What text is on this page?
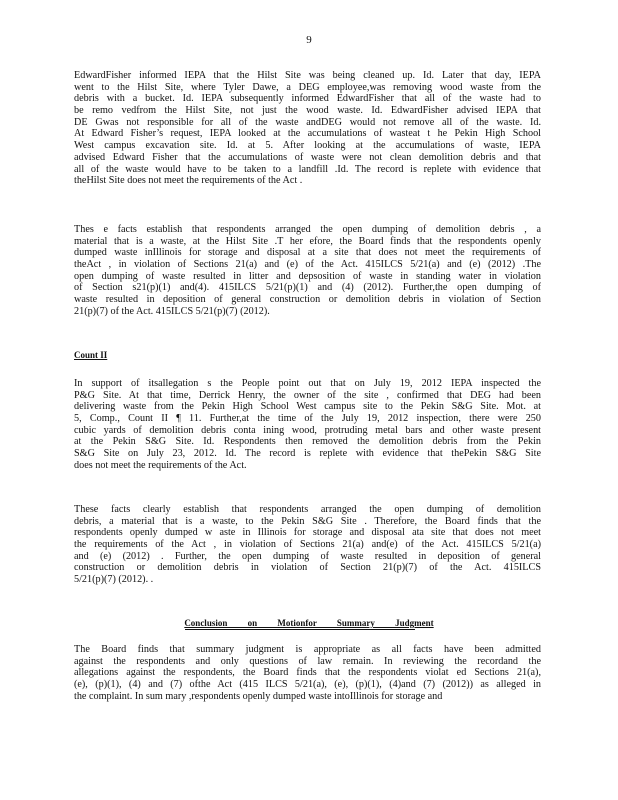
9
EdwardFisher informed IEPA that the Hilst Site was being cleaned up. Id. Later that day, IEPA
went to the Hilst Site, where Tyler Dawe, a DEG employee,was removing wood waste from the
debris with a bucket. Id. IEPA subsequently informed EdwardFisher that all of the waste had to
be remo vedfrom the Hilst Site, not just the wood waste. Id. EdwardFisher advised IEPA that
DE Gwas not responsible for all of the waste andDEG would not remove all of the waste. Id.
At Edward Fisher’s request, IEPA looked at the accumulations of wasteat t he Pekin High School
West campus excavation site. Id. at 5. After looking at the accumulations of waste, IEPA
advised Edward Fisher that the accumulations of waste were not clean demolition debris and that
all of the waste would have to be taken to a landfill .Id. The record is replete with evidence that
theHilst Site does not meet the requirements of the Act .
Thes e facts establish that respondents arranged the open dumping of demolition debris , a
material that is a waste, at the Hilst Site .T her efore, the Board finds that the respondents openly
dumped waste inIllinois for storage and disposal at a site that does not meet the requirements of
theAct , in violation of Sections 21(a) and (e) of the Act. 415ILCS 5/21(a) and (e) (2012) .The
open dumping of waste resulted in litter and depsosition of waste in standing water in violation
of Section s21(p)(1) and(4). 415ILCS 5/21(p)(1) and (4) (2012). Further,the open dumping of
waste resulted in deposition of general construction or demolition debris in violation of Section
21(p)(7) of the Act. 415ILCS 5/21(p)(7) (2012).
Count II
In support of itsallegation s the People point out that on July 19, 2012 IEPA inspected the
P&G Site. At that time, Derrick Henry, the owner of the site , confirmed that DEG had been
delivering waste from the Pekin High School West campus site to the Pekin S&G Site. Mot. at
5, Comp., Count II ¶ 11. Further,at the time of the July 19, 2012 inspection, there were 250
cubic yards of demolition debris conta ining wood, protruding metal bars and other waste present
at the Pekin S&G Site. Id. Respondents then removed the demolition debris from the Pekin
S&G Site on July 23, 2012. Id. The record is replete with evidence that thePekin S&G Site
does not meet the requirements of the Act.
These facts clearly establish that respondents arranged the open dumping of demolition
debris, a material that is a waste, to the Pekin S&G Site . Therefore, the Board finds that the
respondents openly dumped w aste in Illinois for storage and disposal ata site that does not meet
the requirements of the Act , in violation of Sections 21(a) and(e) of the Act. 415ILCS 5/21(a)
and (e) (2012) . Further, the open dumping of waste resulted in deposition of general
construction or demolition debris in violation of Section 21(p)(7) of the Act. 415ILCS
5/21(p)(7) (2012). .
Conclusion on Motionfor Summary Judgment
The Board finds that summary judgment is appropriate as all facts have been admitted
against the respondents and only questions of law remain. In reviewing the recordand the
allegations against the respondents, the Board finds that the respondents violat ed Sections 21(a),
(e), (p)(1), (4) and (7) ofthe Act (415 ILCS 5/21(a), (e), (p)(1), (4)and (7) (2012)) as alleged in
the complaint. In sum mary ,respondents openly dumped waste intoIllinois for storage and
